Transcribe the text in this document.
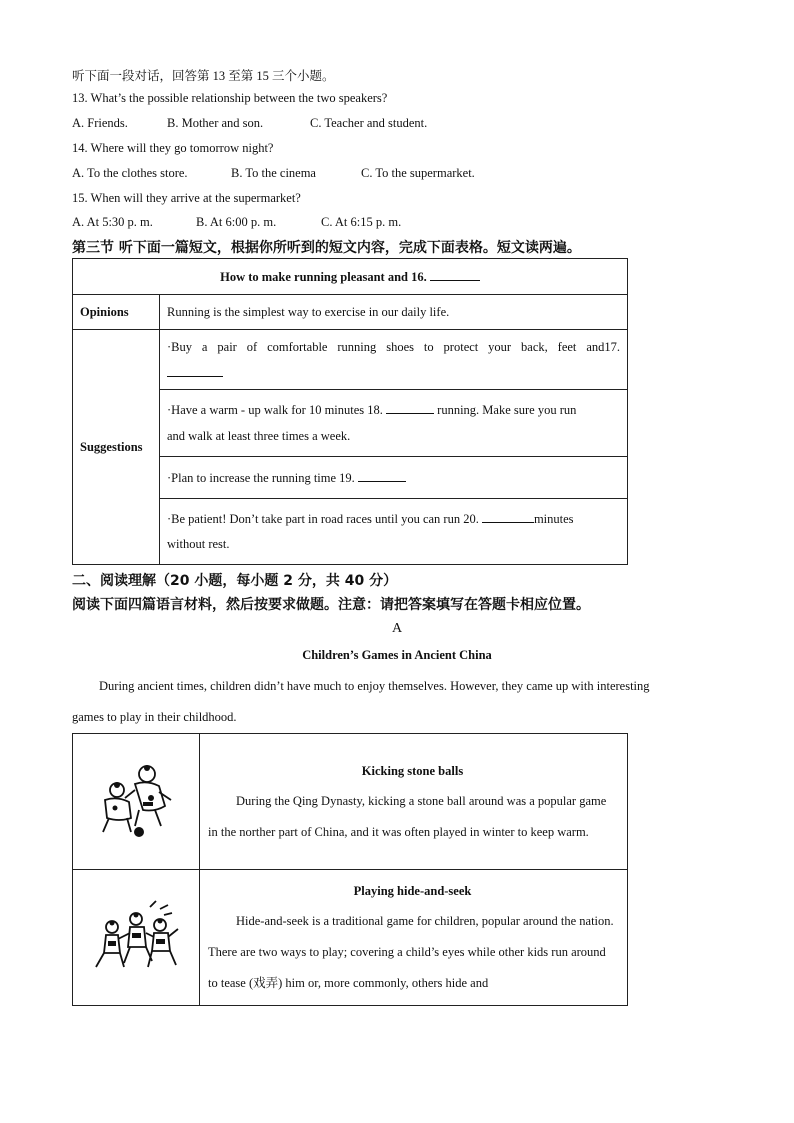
听下面一段对话，回答第 13 至第 15 三个小题。
13. What’s the possible relationship between the two speakers?
A. Friends.	B. Mother and son.	C. Teacher and student.
14. Where will they go tomorrow night?
A. To the clothes store.	B. To the cinema	C. To the supermarket.
15. When will they arrive at the supermarket?
A. At 5:30 p. m.	B. At 6:00 p. m.	C. At 6:15 p. m.
第三节 听下面一篇短文，根据你所听到的短文内容，完成下面表格。短文读两遍。
How to make running pleasant and 16.	
Opinions	Running is the simplest way to exercise in our daily life.
Suggestions	·Buy a pair of comfortable running shoes to protect your back, feet and17.

	·Have a warm - up walk for 10 minutes 18. running. Make sure you run
and walk at least three times a week.

	·Plan to increase the running time 19.

	·Be patient! Don’t take part in road races until you can run 20. minutes
without rest.
二、阅读理解（20 小题，每小题 2 分，共 40 分）
阅读下面四篇语言材料，然后按要求做题。注意：请把答案填写在答题卡相应位置。
A
Children’s Games in Ancient China
During ancient times, children didn’t have much to enjoy themselves. However, they came up with interesting
games to play in their childhood.

Kicking stone balls
During the Qing Dynasty, kicking a stone ball around was a popular game in the norther part of China, and it was often played in winter to keep warm.

Playing hide-and-seek
Hide-and-seek is a traditional game for children, popular around the nation. There are two ways to play; covering a child’s eyes while other kids run around to tease (戏弄) him or, more commonly, others hide and
